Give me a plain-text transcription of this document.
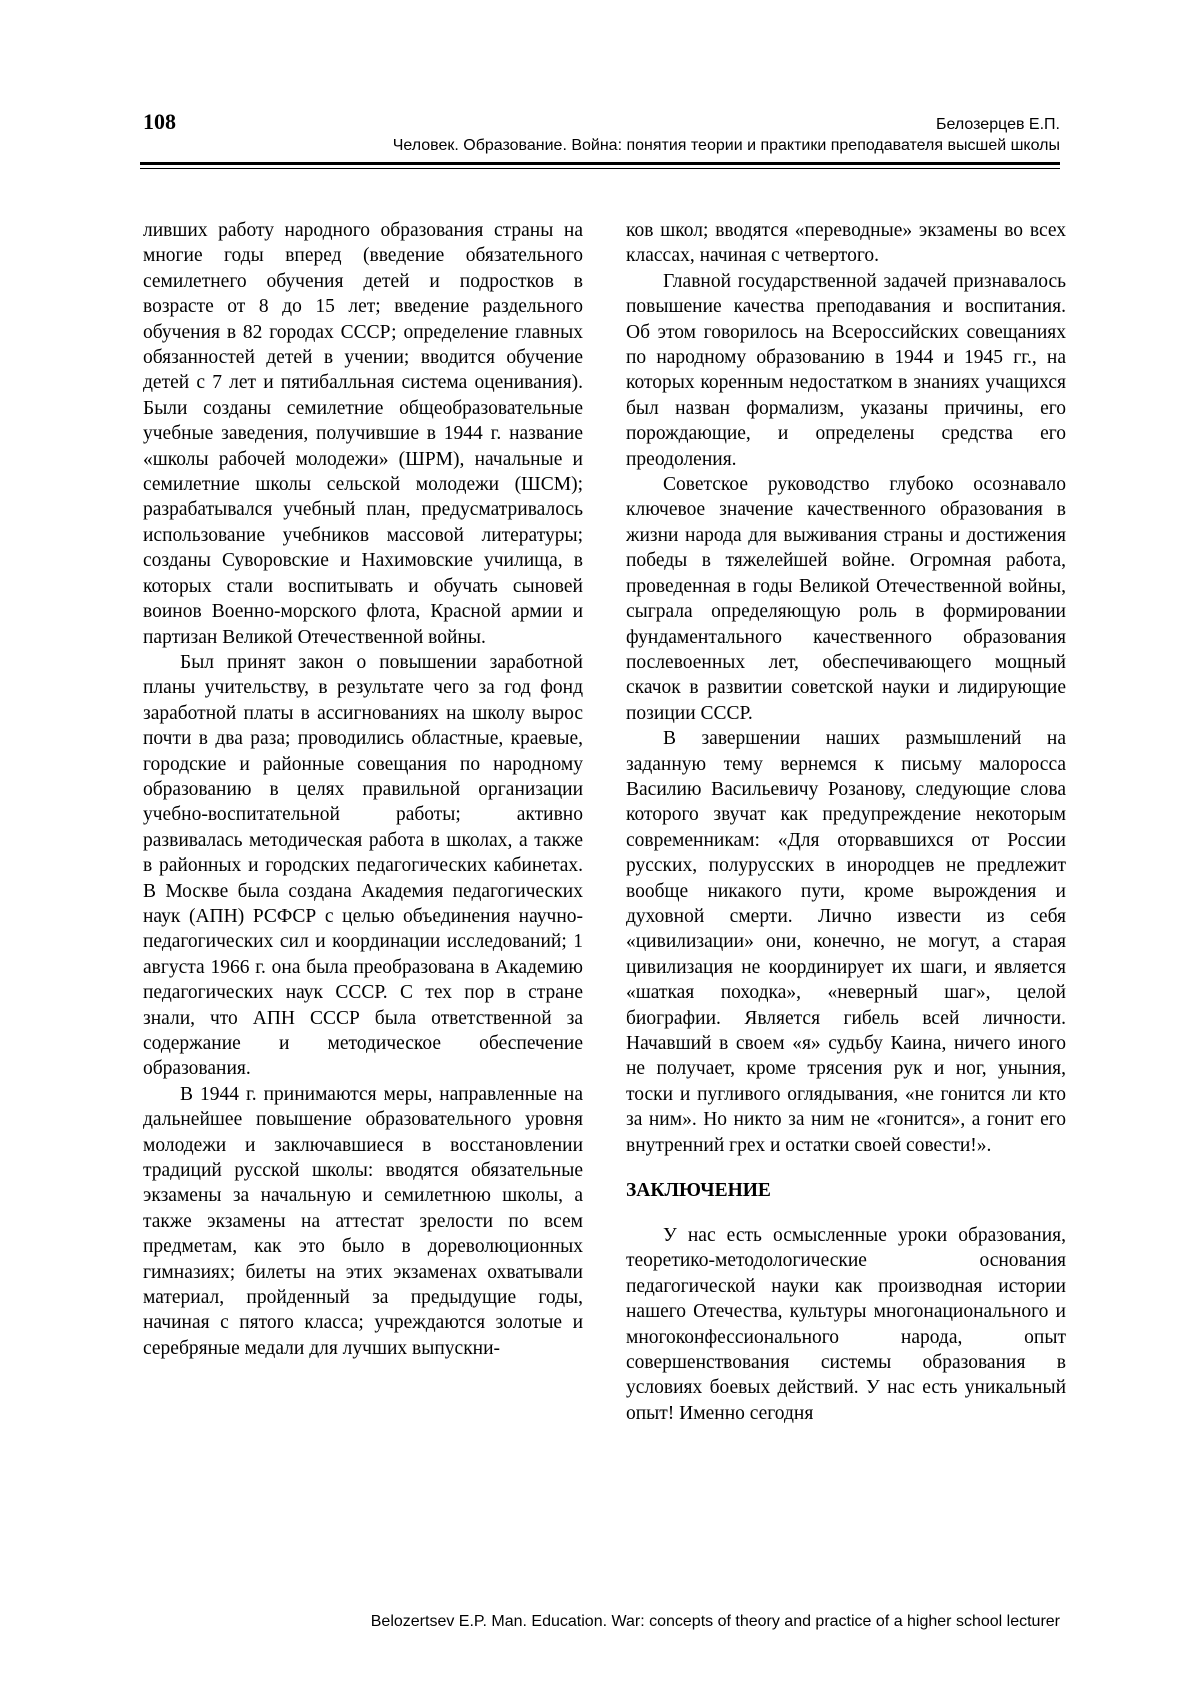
108	Белозерцев Е.П.
Человек. Образование. Война: понятия теории и практики преподавателя высшей школы

ливших работу народного образования страны на многие годы вперед (введение обязательного семилетнего обучения детей и подростков в возрасте от 8 до 15 лет; введение раздельного обучения в 82 городах СССР; определение главных обязанностей детей в учении; вводится обучение детей с 7 лет и пятибалльная система оценивания). Были созданы семилетние общеобразовательные учебные заведения, получившие в 1944 г. название «школы рабочей молодежи» (ШРМ), начальные и семилетние школы сельской молодежи (ШСМ); разрабатывался учебный план, предусматривалось использование учебников массовой литературы; созданы Суворовские и Нахимовские училища, в которых стали воспитывать и обучать сыновей воинов Военно-морского флота, Красной армии и партизан Великой Отечественной войны.

Был принят закон о повышении заработной планы учительству, в результате чего за год фонд заработной платы в ассигнованиях на школу вырос почти в два раза; проводились областные, краевые, городские и районные совещания по народному образованию в целях правильной организации учебно-воспитательной работы; активно развивалась методическая работа в школах, а также в районных и городских педагогических кабинетах. В Москве была создана Академия педагогических наук (АПН) РСФСР с целью объединения научно-педагогических сил и координации исследований; 1 августа 1966 г. она была преобразована в Академию педагогических наук СССР. С тех пор в стране знали, что АПН СССР была ответственной за содержание и методическое обеспечение образования.

В 1944 г. принимаются меры, направленные на дальнейшее повышение образовательного уровня молодежи и заключавшиеся в восстановлении традиций русской школы: вводятся обязательные экзамены за начальную и семилетнюю школы, а также экзамены на аттестат зрелости по всем предметам, как это было в дореволюционных гимназиях; билеты на этих экзаменах охватывали материал, пройденный за предыдущие годы, начиная с пятого класса; учреждаются золотые и серебряные медали для лучших выпускни-

ков школ; вводятся «переводные» экзамены во всех классах, начиная с четвертого.

Главной государственной задачей признавалось повышение качества преподавания и воспитания. Об этом говорилось на Всероссийских совещаниях по народному образованию в 1944 и 1945 гг., на которых коренным недостатком в знаниях учащихся был назван формализм, указаны причины, его порождающие, и определены средства его преодоления.

Советское руководство глубоко осознавало ключевое значение качественного образования в жизни народа для выживания страны и достижения победы в тяжелейшей войне. Огромная работа, проведенная в годы Великой Отечественной войны, сыграла определяющую роль в формировании фундаментального качественного образования послевоенных лет, обеспечивающего мощный скачок в развитии советской науки и лидирующие позиции СССР.

В завершении наших размышлений на заданную тему вернемся к письму малоросса Василию Васильевичу Розанову, следующие слова которого звучат как предупреждение некоторым современникам: «Для оторвавшихся от России русских, полурусских в инородцев не предлежит вообще никакого пути, кроме вырождения и духовной смерти. Лично извести из себя «цивилизации» они, конечно, не могут, а старая цивилизация не координирует их шаги, и является «шаткая походка», «неверный шаг», целой биографии. Является гибель всей личности. Начавший в своем «я» судьбу Каина, ничего иного не получает, кроме трясения рук и ног, уныния, тоски и пугливого оглядывания, «не гонится ли кто за ним». Но никто за ним не «гонится», а гонит его внутренний грех и остатки своей совести!».

ЗАКЛЮЧЕНИЕ

У нас есть осмысленные уроки образования, теоретико-методологические основания педагогической науки как производная истории нашего Отечества, культуры многонационального и многоконфессионального народа, опыт совершенствования системы образования в условиях боевых действий. У нас есть уникальный опыт! Именно сегодня

Belozertsev E.P. Man. Education. War: concepts of theory and practice of a higher school lecturer
